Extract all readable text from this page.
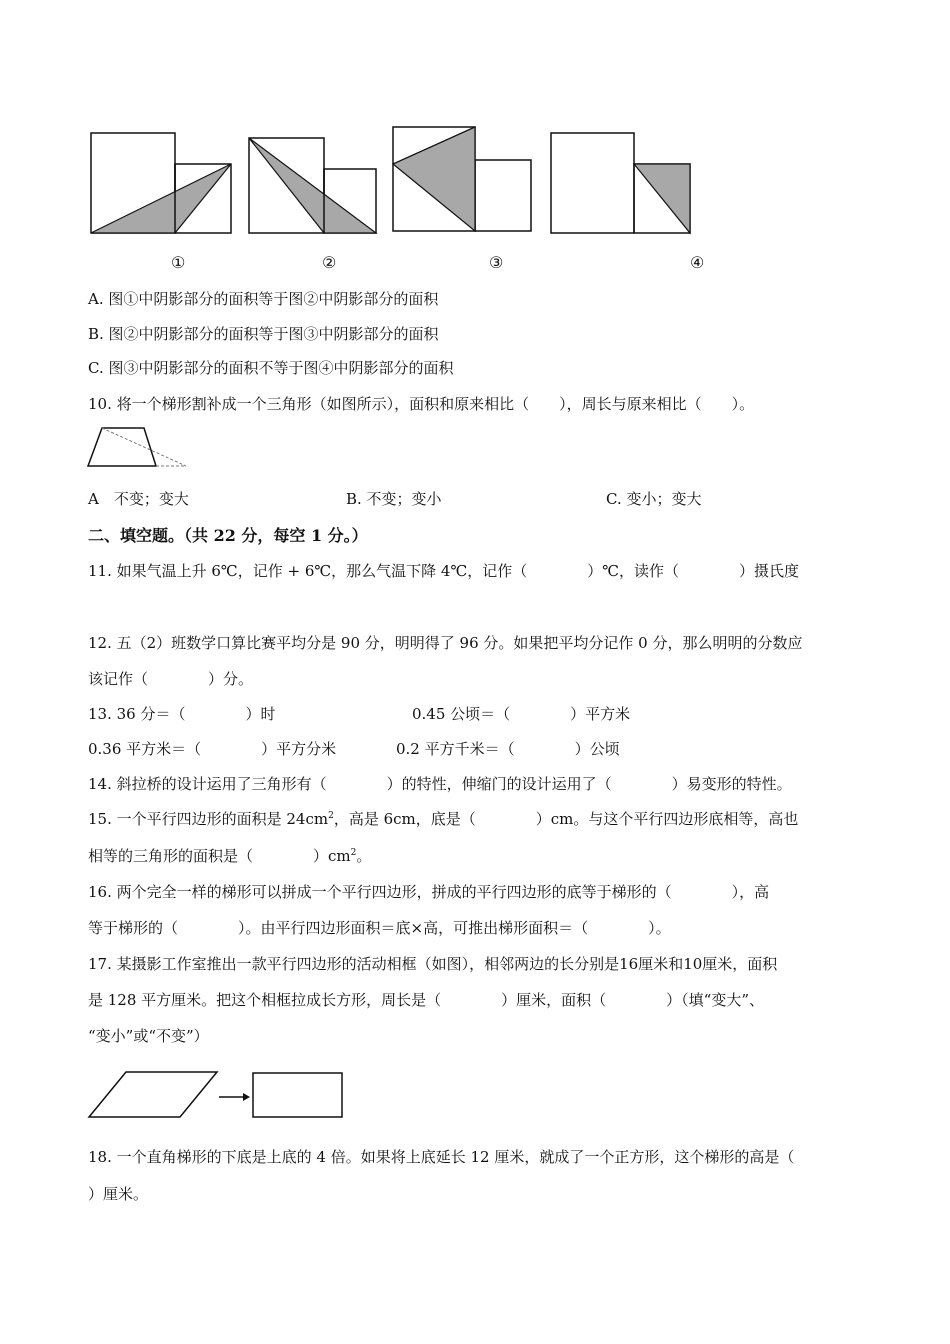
①	②	③	④
A. 图①中阴影部分的面积等于图②中阴影部分的面积
B. 图②中阴影部分的面积等于图③中阴影部分的面积
C. 图③中阴影部分的面积不等于图④中阴影部分的面积
10. 将一个梯形割补成一个三角形（如图所示），面积和原来相比（　　），周长与原来相比（　　）。
A　不变；变大	B. 不变；变小	C. 变小；变大
二、填空题。（共 22 分，每空 1 分。）
11. 如果气温上升 6℃，记作 + 6℃，那么气温下降 4℃，记作（　　　　）℃，读作（　　　　）摄氏度
12. 五（2）班数学口算比赛平均分是 90 分，明明得了 96 分。如果把平均分记作 0 分，那么明明的分数应
该记作（　　　　）分。
13. 36 分＝（　　　　）时	0.45 公顷＝（　　　　）平方米
0.36 平方米＝（　　　　）平方分米	0.2 平方千米＝（　　　　）公顷
14. 斜拉桥的设计运用了三角形有（　　　　）的特性，伸缩门的设计运用了（　　　　）易变形的特性。
15. 一个平行四边形的面积是 $24cm^2$，高是 6cm，底是（　　　　）cm。与这个平行四边形底相等，高也
相等的三角形的面积是（　　　　）$cm^2$。
16. 两个完全一样的梯形可以拼成一个平行四边形，拼成的平行四边形的底等于梯形的（　　　　），高
等于梯形的（　　　　）。由平行四边形面积＝底×高，可推出梯形面积＝（　　　　）。
17. 某摄影工作室推出一款平行四边形的活动相框（如图），相邻两边的长分别是16厘米和10厘米，面积
是 128 平方厘米。把这个相框拉成长方形，周长是（　　　　）厘米，面积（　　　　）（填“变大”、
“变小”或“不变”）
18. 一个直角梯形的下底是上底的 4 倍。如果将上底延长 12 厘米，就成了一个正方形，这个梯形的高是（
）厘米。
